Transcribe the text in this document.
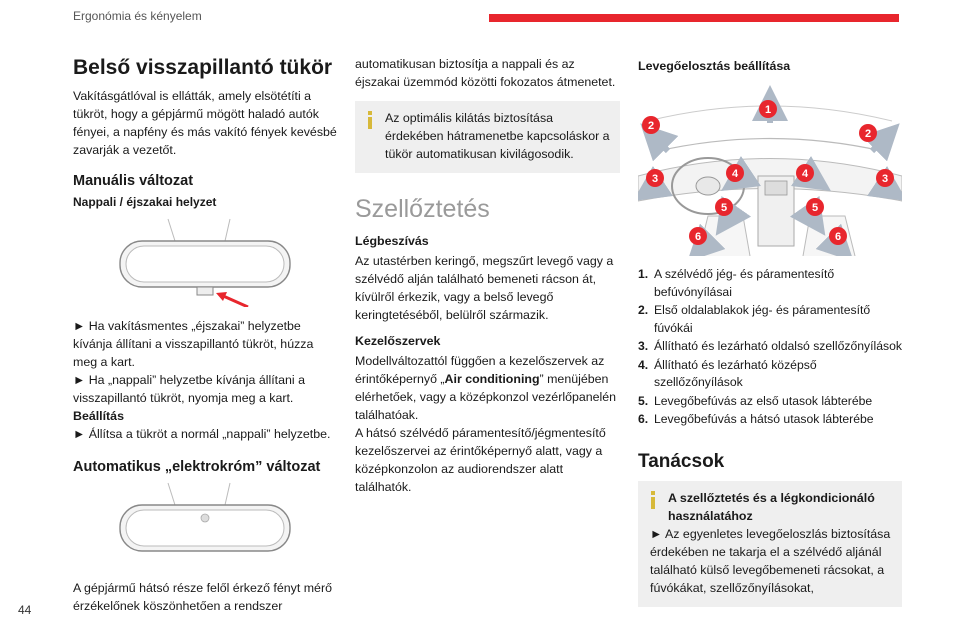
Ergonómia és kényelem
44
Belső visszapillantó tükör
Vakításgátlóval is ellátták, amely elsötétíti a tükröt, hogy a gépjármű mögött haladó autók fényei, a napfény és más vakító fények kevésbé zavarják a vezetőt.
Manuális változat
Nappali / éjszakai helyzet
► Ha vakításmentes „éjszakai” helyzetbe kívánja állítani a visszapillantó tükröt, húzza meg a kart.
► Ha „nappali” helyzetbe kívánja állítani a visszapillantó tükröt, nyomja meg a kart.
Beállítás
► Állítsa a tükröt a normál „nappali” helyzetbe.
Automatikus „elektrokróm” változat
A gépjármű hátsó része felől érkező fényt mérő érzékelőnek köszönhetően a rendszer
automatikusan biztosítja a nappali és az éjszakai üzemmód közötti fokozatos átmenetet.
Az optimális kilátás biztosítása érdekében hátramenetbe kapcsoláskor a tükör automatikusan kivilágosodik.
Szellőztetés
Légbeszívás
Az utastérben keringő, megszűrt levegő vagy a szélvédő alján található bemeneti rácson át, kívülről érkezik, vagy a belső levegő keringtetéséből, belülről származik.
Kezelőszervek
Modellváltozattól függően a kezelőszervek az érintőképernyő „Air conditioning” menüjében elérhetőek, vagy a középkonzol vezérlőpanelén találhatóak.
A hátsó szélvédő páramentesítő/jégmentesítő kezelőszervei az érintőképernyő alatt, vagy a középkonzolon az audiorendszer alatt találhatók.
Levegőelosztás beállítása
1
2
2
3	3
4	4
5	5
6	6
1. A szélvédő jég- és páramentesítő befúvónyílásai
2. Első oldalablakok jég- és páramentesítő fúvókái
3. Állítható és lezárható oldalsó szellőzőnyílások
4. Állítható és lezárható középső szellőzőnyílások
5. Levegőbefúvás az első utasok lábterébe
6. Levegőbefúvás a hátsó utasok lábterébe
Tanácsok
A szellőztetés és a légkondicionáló használatához
► Az egyenletes levegőeloszlás biztosítása érdekében ne takarja el a szélvédő aljánál található külső levegőbemeneti rácsokat, a fúvókákat, szellőzőnyílásokat,
